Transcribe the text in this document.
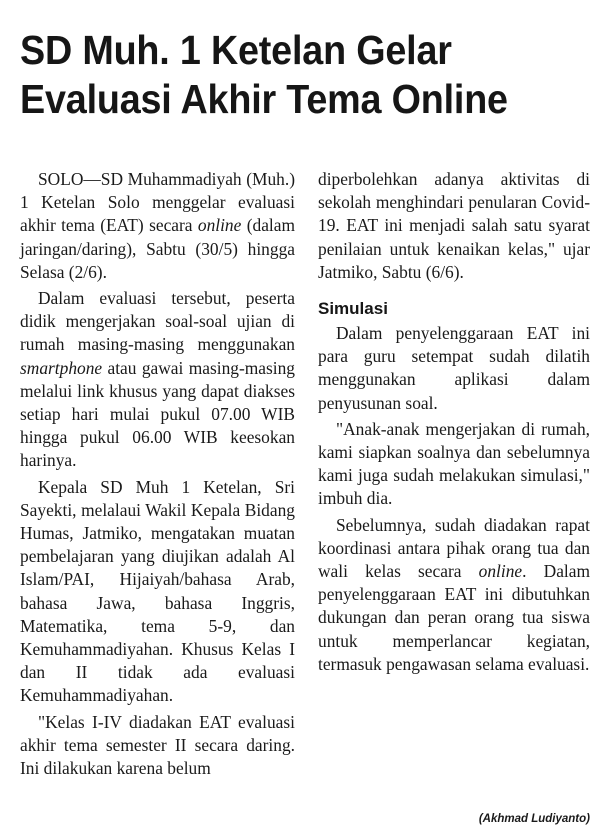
SD Muh. 1 Ketelan Gelar
Evaluasi Akhir Tema Online

SOLO—SD Muhammadiyah (Muh.) 1 Ketelan Solo menggelar evaluasi akhir tema (EAT) secara online (dalam jaringan/daring), Sabtu (30/5) hingga Selasa (2/6).

Dalam evaluasi tersebut, peserta didik mengerjakan soal-soal ujian di rumah masing-masing menggunakan smartphone atau gawai masing-masing melalui link khusus yang dapat diakses setiap hari mulai pukul 07.00 WIB hingga pukul 06.00 WIB keesokan harinya.

Kepala SD Muh 1 Ketelan, Sri Sayekti, melalaui Wakil Kepala Bidang Humas, Jatmiko, mengatakan muatan pembelajaran yang diujikan adalah Al Islam/PAI, Hijaiyah/bahasa Arab, bahasa Jawa, bahasa Inggris, Matematika, tema 5-9, dan Kemuhammadiyahan. Khusus Kelas I dan II tidak ada evaluasi Kemuhammadiyahan.

"Kelas I-IV diadakan EAT evaluasi akhir tema semester II secara daring. Ini dilakukan karena belum

diperbolehkan adanya aktivitas di sekolah menghindari penularan Covid-19. EAT ini menjadi salah satu syarat penilaian untuk kenaikan kelas," ujar Jatmiko, Sabtu (6/6).

Simulasi

Dalam penyelenggaraan EAT ini para guru setempat sudah dilatih menggunakan aplikasi dalam penyusunan soal.

"Anak-anak mengerjakan di rumah, kami siapkan soalnya dan sebelumnya kami juga sudah melakukan simulasi," imbuh dia.

Sebelumnya, sudah diadakan rapat koordinasi antara pihak orang tua dan wali kelas secara online. Dalam penyelenggaraan EAT ini dibutuhkan dukungan dan peran orang tua siswa untuk memperlancar kegiatan, termasuk pengawasan selama evaluasi.

(Akhmad Ludiyanto)
